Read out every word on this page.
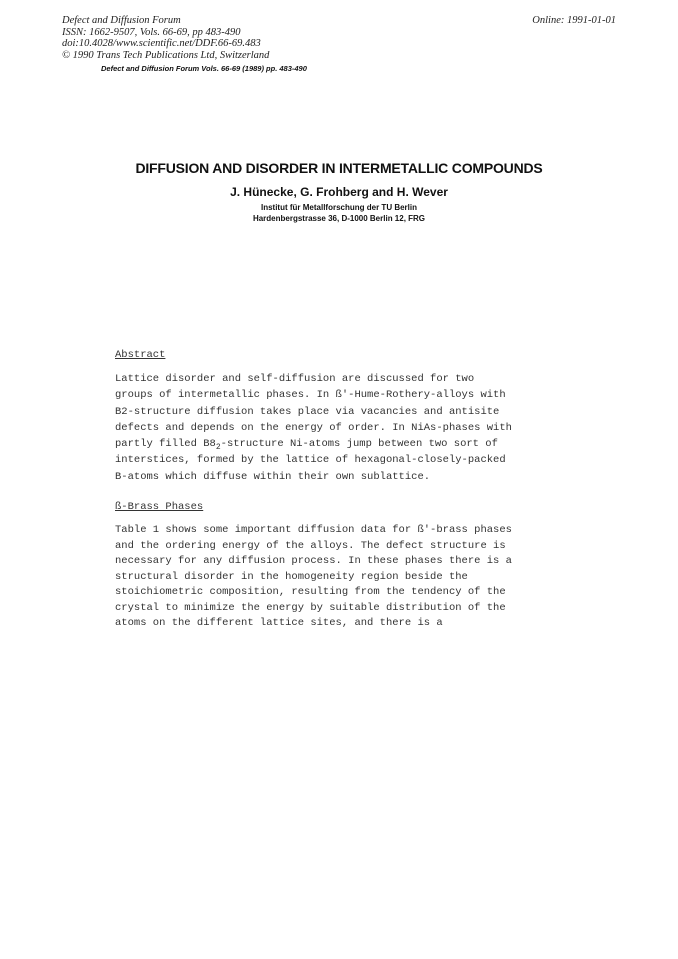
Defect and Diffusion Forum
ISSN: 1662-9507, Vols. 66-69, pp 483-490
doi:10.4028/www.scientific.net/DDF.66-69.483
© 1990 Trans Tech Publications Ltd, Switzerland
Online: 1991-01-01
Defect and Diffusion Forum Vols. 66-69 (1989) pp. 483-490
DIFFUSION AND DISORDER IN INTERMETALLIC COMPOUNDS
J. Hünecke, G. Frohberg and H. Wever
Institut für Metallforschung der TU Berlin
Hardenbergstrasse 36, D-1000 Berlin 12, FRG
Abstract
Lattice disorder and self-diffusion are discussed for two
groups of intermetallic phases. In ß'-Hume-Rothery-alloys with
B2-structure diffusion takes place via vacancies and antisite
defects and depends on the energy of order. In NiAs-phases with
partly filled $B8_2$-structure Ni-atoms jump between two sort of
interstices, formed by the lattice of hexagonal-closely-packed
B-atoms which diffuse within their own sublattice.
ß-Brass Phases
Table 1 shows some important diffusion data for ß'-brass phases
and the ordering energy of the alloys. The defect structure is
necessary for any diffusion process. In these phases there is a
structural disorder in the homogeneity region beside the
stoichiometric composition, resulting from the tendency of the
crystal to minimize the energy by suitable distribution of the
atoms on the different lattice sites, and there is a
